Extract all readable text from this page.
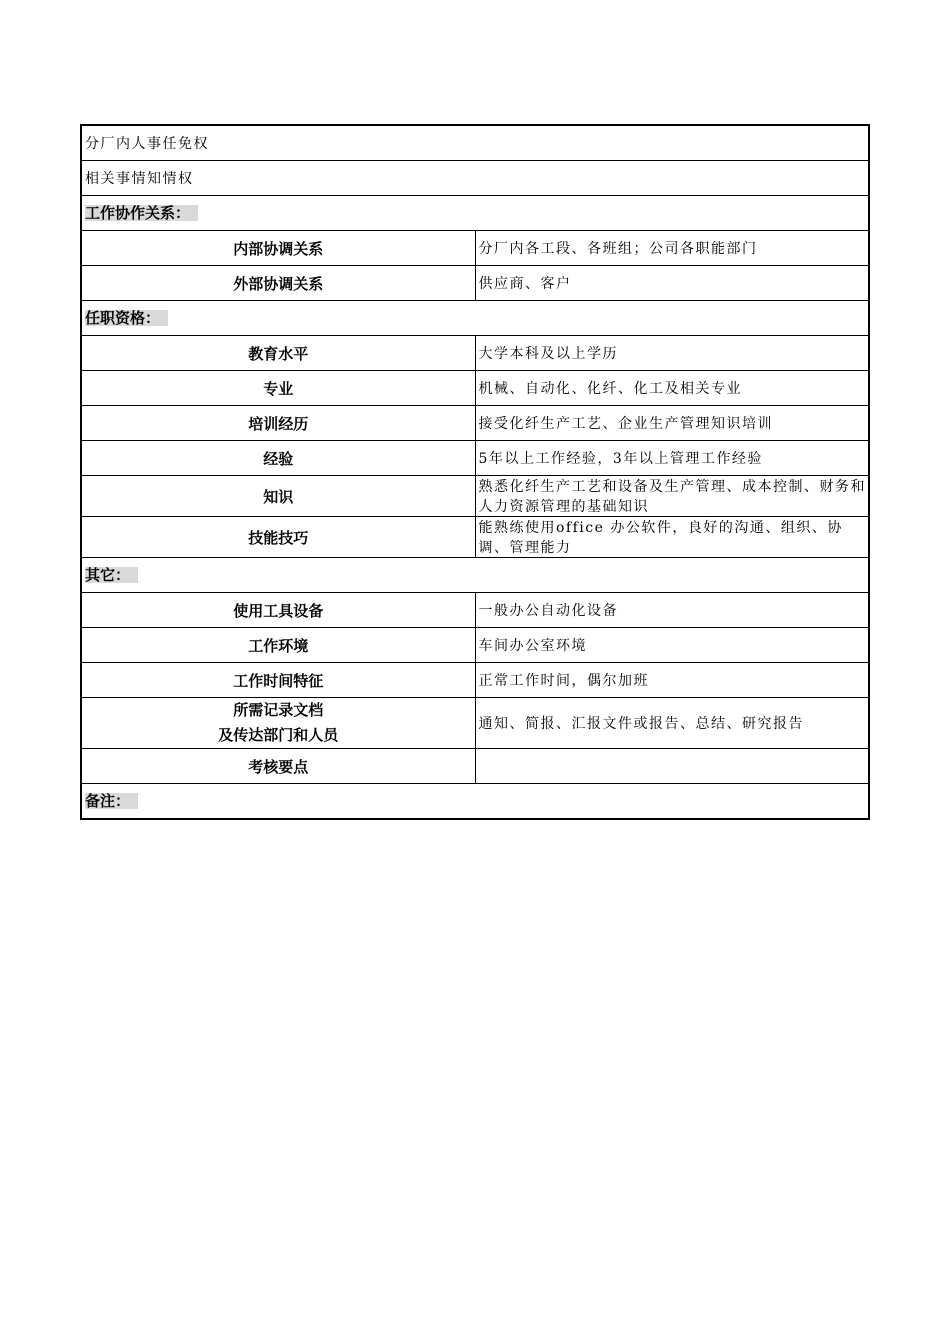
分厂内人事任免权	
相关事情知情权	
工作协作关系：	
内部协调关系	分厂内各工段、各班组；公司各职能部门
外部协调关系	供应商、客户
任职资格：	
教育水平	大学本科及以上学历
专业	机械、自动化、化纤、化工及相关专业
培训经历	接受化纤生产工艺、企业生产管理知识培训
经验	5年以上工作经验，3年以上管理工作经验
知识	熟悉化纤生产工艺和设备及生产管理、成本控制、财务和人力资源管理的基础知识
技能技巧	能熟练使用office 办公软件，良好的沟通、组织、协调、管理能力
其它：	
使用工具设备	一般办公自动化设备
工作环境	车间办公室环境
工作时间特征	正常工作时间，偶尔加班

所需记录文档
及传达部门和人员	通知、简报、汇报文件或报告、总结、研究报告
考核要点	
备注：	
